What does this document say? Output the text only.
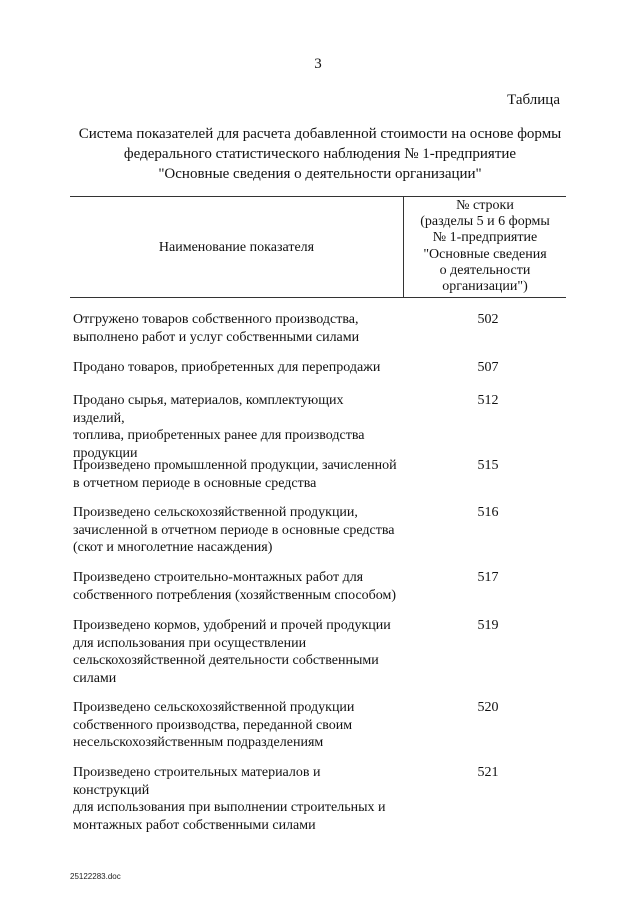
3
Таблица
Система показателей для расчета добавленной стоимости на основе формы
федерального статистического наблюдения № 1-предприятие
"Основные сведения о деятельности организации"
Наименование показателя
№ строки
(разделы 5 и 6 формы
№ 1-предприятие
"Основные сведения
о деятельности
организации")
Отгружено товаров собственного производства,
выполнено работ и услуг собственными силами
502
Продано товаров, приобретенных для перепродажи	507
Продано сырья, материалов, комплектующих изделий,
топлива, приобретенных ранее для производства
продукции
512
Произведено промышленной продукции, зачисленной
в отчетном периоде в основные средства
515
Произведено сельскохозяйственной продукции,
зачисленной в отчетном периоде в основные средства
(скот и многолетние насаждения)
516
Произведено строительно-монтажных работ для
собственного потребления (хозяйственным способом)
517
Произведено кормов, удобрений и прочей продукции
для использования при осуществлении
сельскохозяйственной деятельности собственными
силами
519
Произведено сельскохозяйственной продукции
собственного производства, переданной своим
несельскохозяйственным подразделениям
520
Произведено строительных материалов и конструкций
для использования при выполнении строительных и
монтажных работ собственными силами
521
25122283.doc
